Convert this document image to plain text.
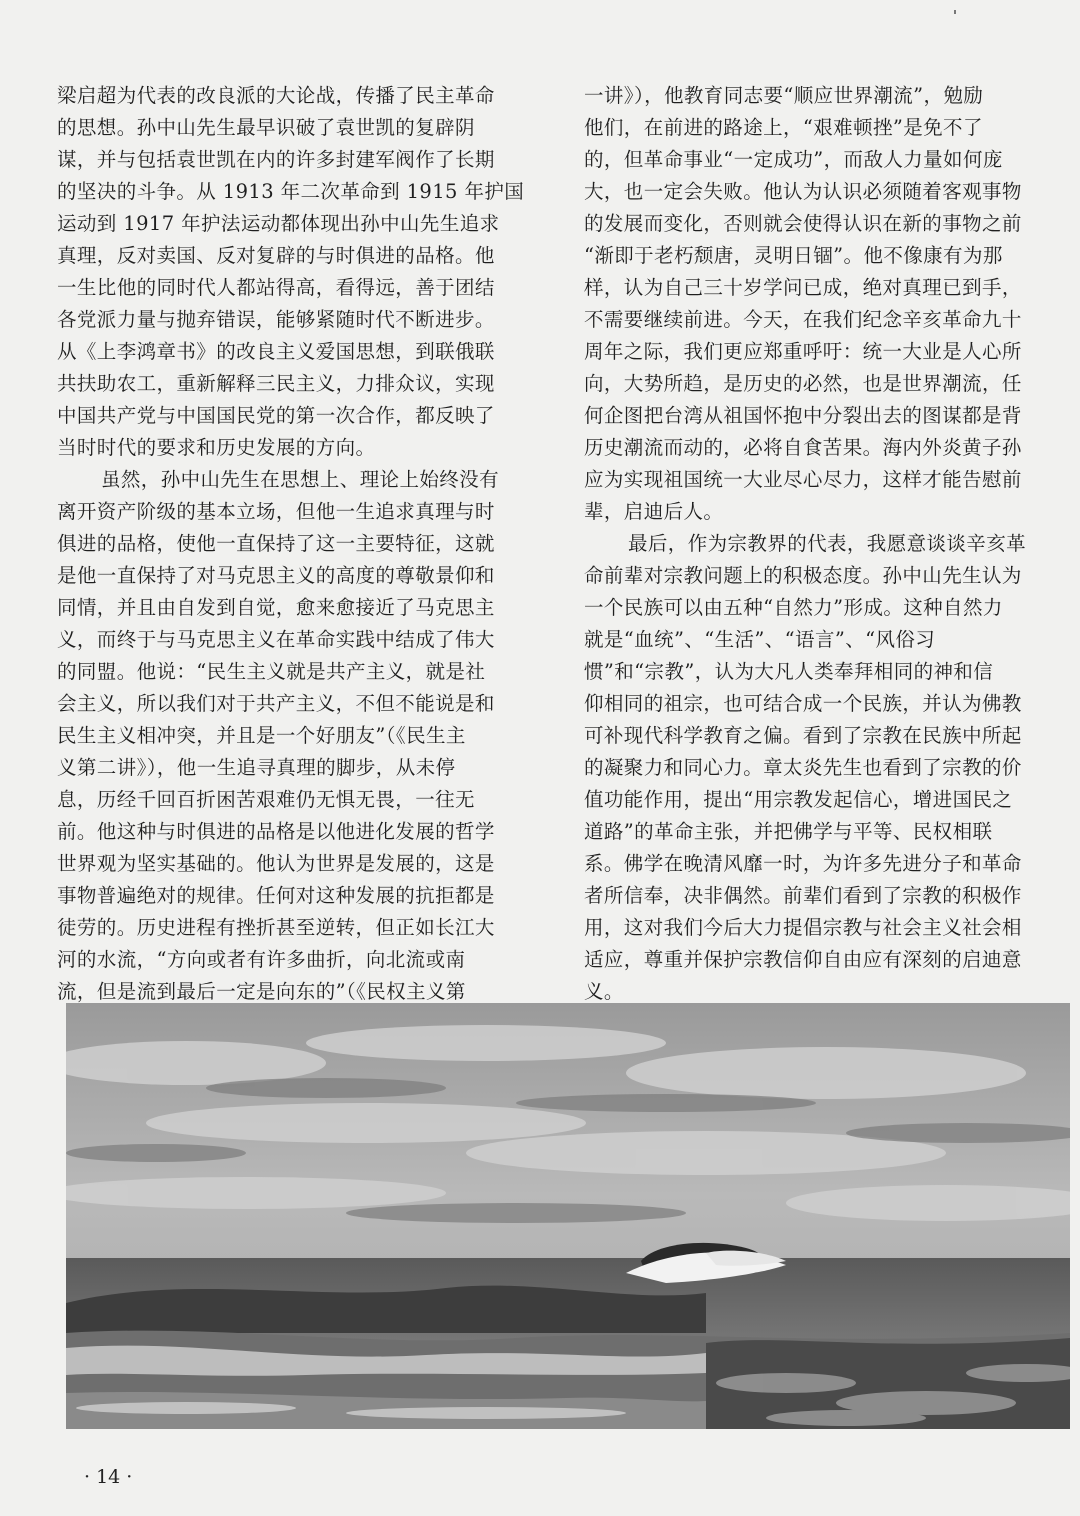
梁启超为代表的改良派的大论战，传播了民主革命
的思想。孙中山先生最早识破了袁世凯的复辟阴
谋，并与包括袁世凯在内的许多封建军阀作了长期
的坚决的斗争。从 1913 年二次革命到 1915 年护国
运动到 1917 年护法运动都体现出孙中山先生追求
真理，反对卖国、反对复辟的与时俱进的品格。他
一生比他的同时代人都站得高，看得远，善于团结
各党派力量与抛弃错误，能够紧随时代不断进步。
从《上李鸿章书》的改良主义爱国思想，到联俄联
共扶助农工，重新解释三民主义，力排众议，实现
中国共产党与中国国民党的第一次合作，都反映了
当时时代的要求和历史发展的方向。
虽然，孙中山先生在思想上、理论上始终没有
离开资产阶级的基本立场，但他一生追求真理与时
俱进的品格，使他一直保持了这一主要特征，这就
是他一直保持了对马克思主义的高度的尊敬景仰和
同情，并且由自发到自觉，愈来愈接近了马克思主
义，而终于与马克思主义在革命实践中结成了伟大
的同盟。他说：“民生主义就是共产主义，就是社
会主义，所以我们对于共产主义，不但不能说是和
民生主义相冲突，并且是一个好朋友”（《民生主
义第二讲》），他一生追寻真理的脚步，从未停
息，历经千回百折困苦艰难仍无惧无畏，一往无
前。他这种与时俱进的品格是以他进化发展的哲学
世界观为坚实基础的。他认为世界是发展的，这是
事物普遍绝对的规律。任何对这种发展的抗拒都是
徒劳的。历史进程有挫折甚至逆转，但正如长江大
河的水流，“方向或者有许多曲折，向北流或南
流，但是流到最后一定是向东的”（《民权主义第
一讲》），他教育同志要“顺应世界潮流”，勉励
他们，在前进的路途上，“艰难顿挫”是免不了
的，但革命事业“一定成功”，而敌人力量如何庞
大，也一定会失败。他认为认识必须随着客观事物
的发展而变化，否则就会使得认识在新的事物之前
“渐即于老朽颓唐，灵明日锢”。他不像康有为那
样，认为自己三十岁学问已成，绝对真理已到手，
不需要继续前进。今天，在我们纪念辛亥革命九十
周年之际，我们更应郑重呼吁：统一大业是人心所
向，大势所趋，是历史的必然，也是世界潮流，任
何企图把台湾从祖国怀抱中分裂出去的图谋都是背
历史潮流而动的，必将自食苦果。海内外炎黄子孙
应为实现祖国统一大业尽心尽力，这样才能告慰前
辈，启迪后人。
最后，作为宗教界的代表，我愿意谈谈辛亥革
命前辈对宗教问题上的积极态度。孙中山先生认为
一个民族可以由五种“自然力”形成。这种自然力
就是“血统”、“生活”、“语言”、“风俗习
惯”和“宗教”，认为大凡人类奉拜相同的神和信
仰相同的祖宗，也可结合成一个民族，并认为佛教
可补现代科学教育之偏。看到了宗教在民族中所起
的凝聚力和同心力。章太炎先生也看到了宗教的价
值功能作用，提出“用宗教发起信心，增进国民之
道路”的革命主张，并把佛学与平等、民权相联
系。佛学在晚清风靡一时，为许多先进分子和革命
者所信奉，决非偶然。前辈们看到了宗教的积极作
用，这对我们今后大力提倡宗教与社会主义社会相
适应，尊重并保护宗教信仰自由应有深刻的启迪意
义。
· 14 ·
